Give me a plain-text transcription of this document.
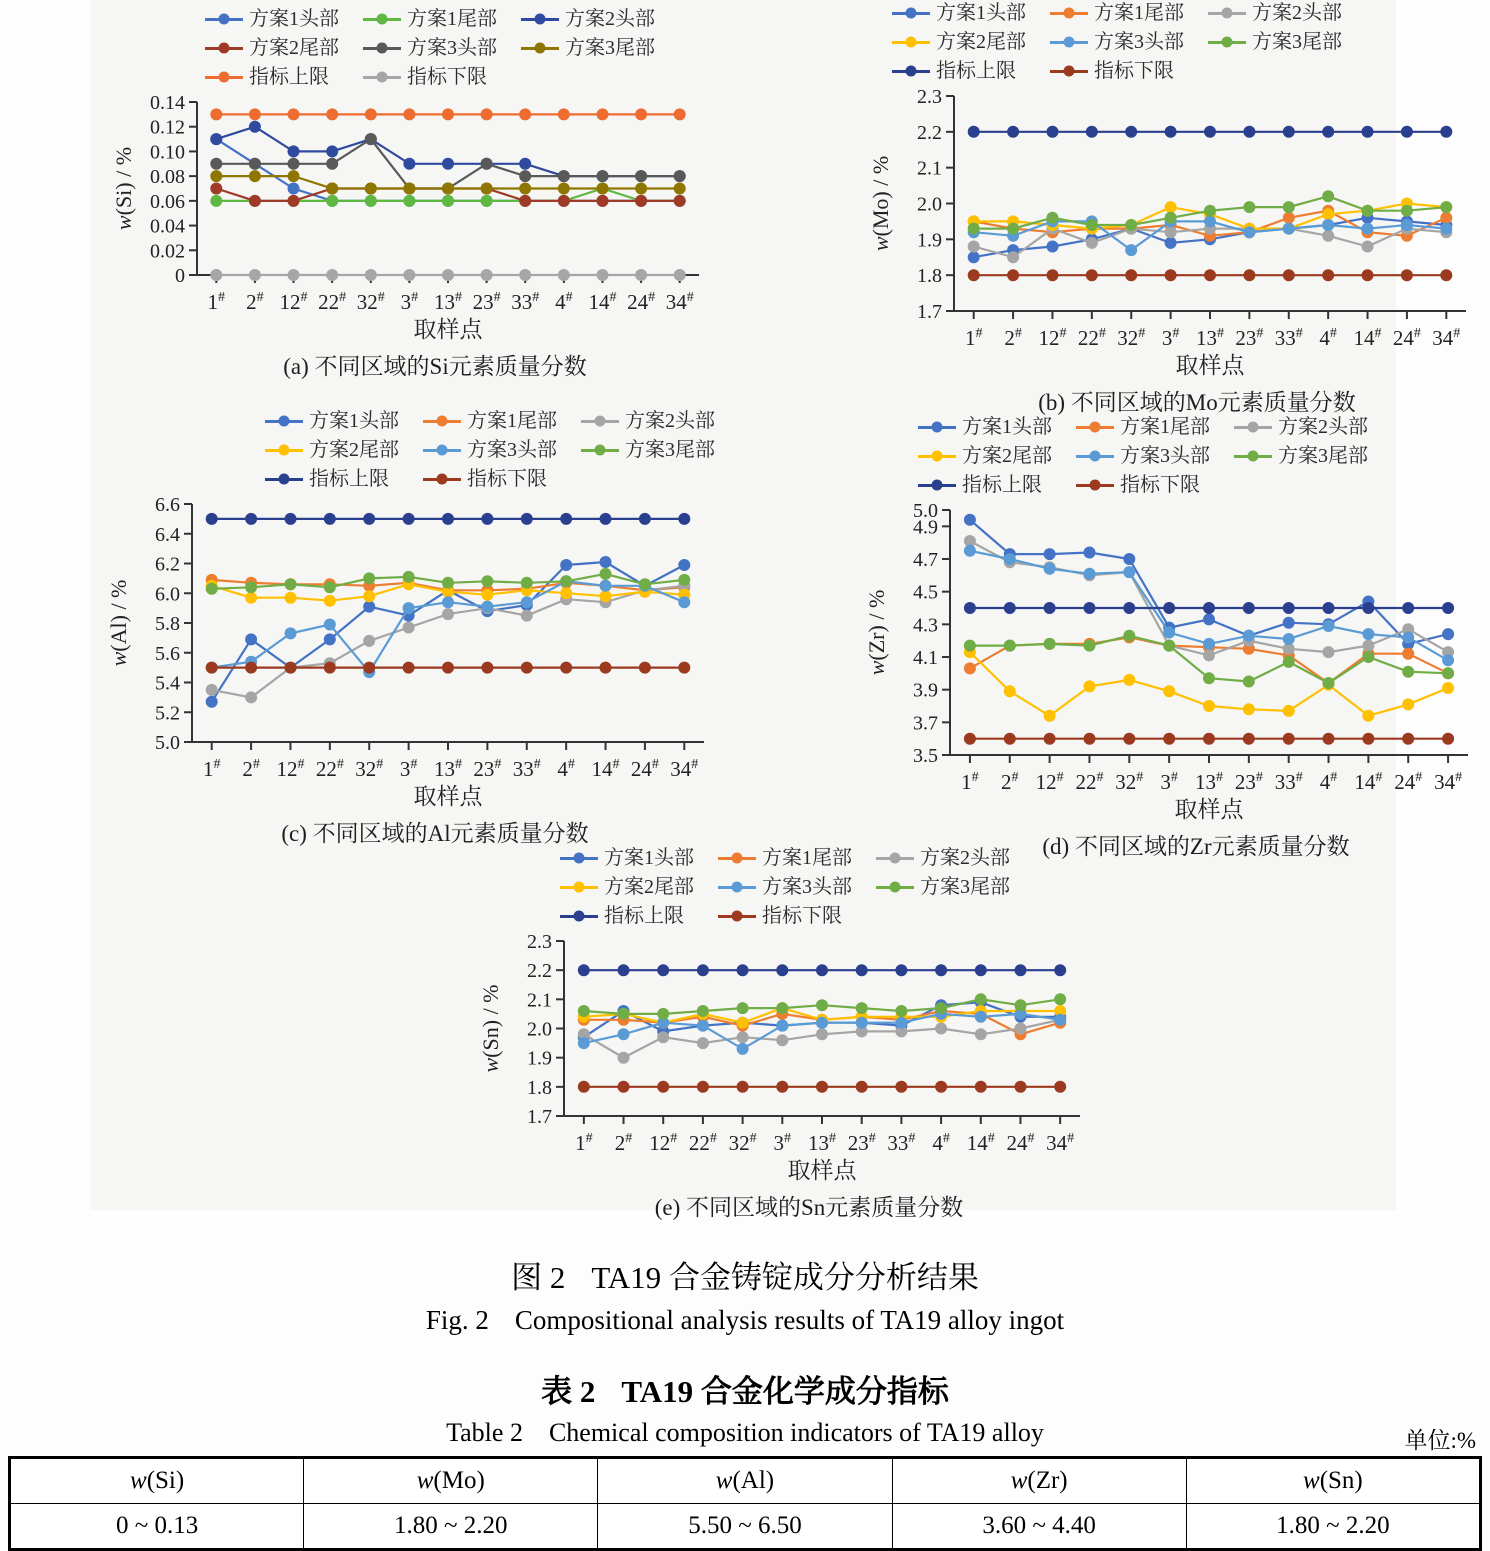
方案1头部	方案1尾部	方案2头部
方案2尾部	方案3头部	方案3尾部
指标上限	指标下限
0
0.02
0.04
0.06
0.08
0.10
0.12
0.14
1# 2# 12# 22# 32# 3# 13# 23# 33# 4# 14# 24# 34#
w(Si) / %
取样点
(a) 不同区域的Si元素质量分数
方案1头部	方案1尾部	方案2头部
方案2尾部	方案3头部	方案3尾部
指标上限	指标下限
1.7
1.8
1.9
2.0
2.1
2.2
2.3
1# 2# 12# 22# 32# 3# 13# 23# 33# 4# 14# 24# 34#
w(Mo) / %
取样点
(b) 不同区域的Mo元素质量分数
方案1头部	方案1尾部	方案2头部
方案2尾部	方案3头部	方案3尾部
指标上限	指标下限
5.0
5.2
5.4
5.6
5.8
6.0
6.2
6.4
6.6
1# 2# 12# 22# 32# 3# 13# 23# 33# 4# 14# 24# 34#
w(Al) / %
取样点
(c) 不同区域的Al元素质量分数
方案1头部	方案1尾部	方案2头部
方案2尾部	方案3头部	方案3尾部
指标上限	指标下限
3.5
3.7
3.9
4.1
4.3
4.5
4.7
4.9
5.0
1# 2# 12# 22# 32# 3# 13# 23# 33# 4# 14# 24# 34#
w(Zr) / %
取样点
(d) 不同区域的Zr元素质量分数
方案1头部	方案1尾部	方案2头部
方案2尾部	方案3头部	方案3尾部
指标上限	指标下限
1.7
1.8
1.9
2.0
2.1
2.2
2.3
1# 2# 12# 22# 32# 3# 13# 23# 33# 4# 14# 24# 34#
w(Sn) / %
取样点
(e) 不同区域的Sn元素质量分数
图 2 TA19 合金铸锭成分分析结果
Fig. 2 Compositional analysis results of TA19 alloy ingot
表 2 TA19 合金化学成分指标
Table 2 Chemical composition indicators of TA19 alloy	单位:%
w(Si)	w(Mo)	w(Al)	w(Zr)	w(Sn)
0 ~ 0.13	1.80 ~ 2.20	5.50 ~ 6.50	3.60 ~ 4.40	1.80 ~ 2.20
